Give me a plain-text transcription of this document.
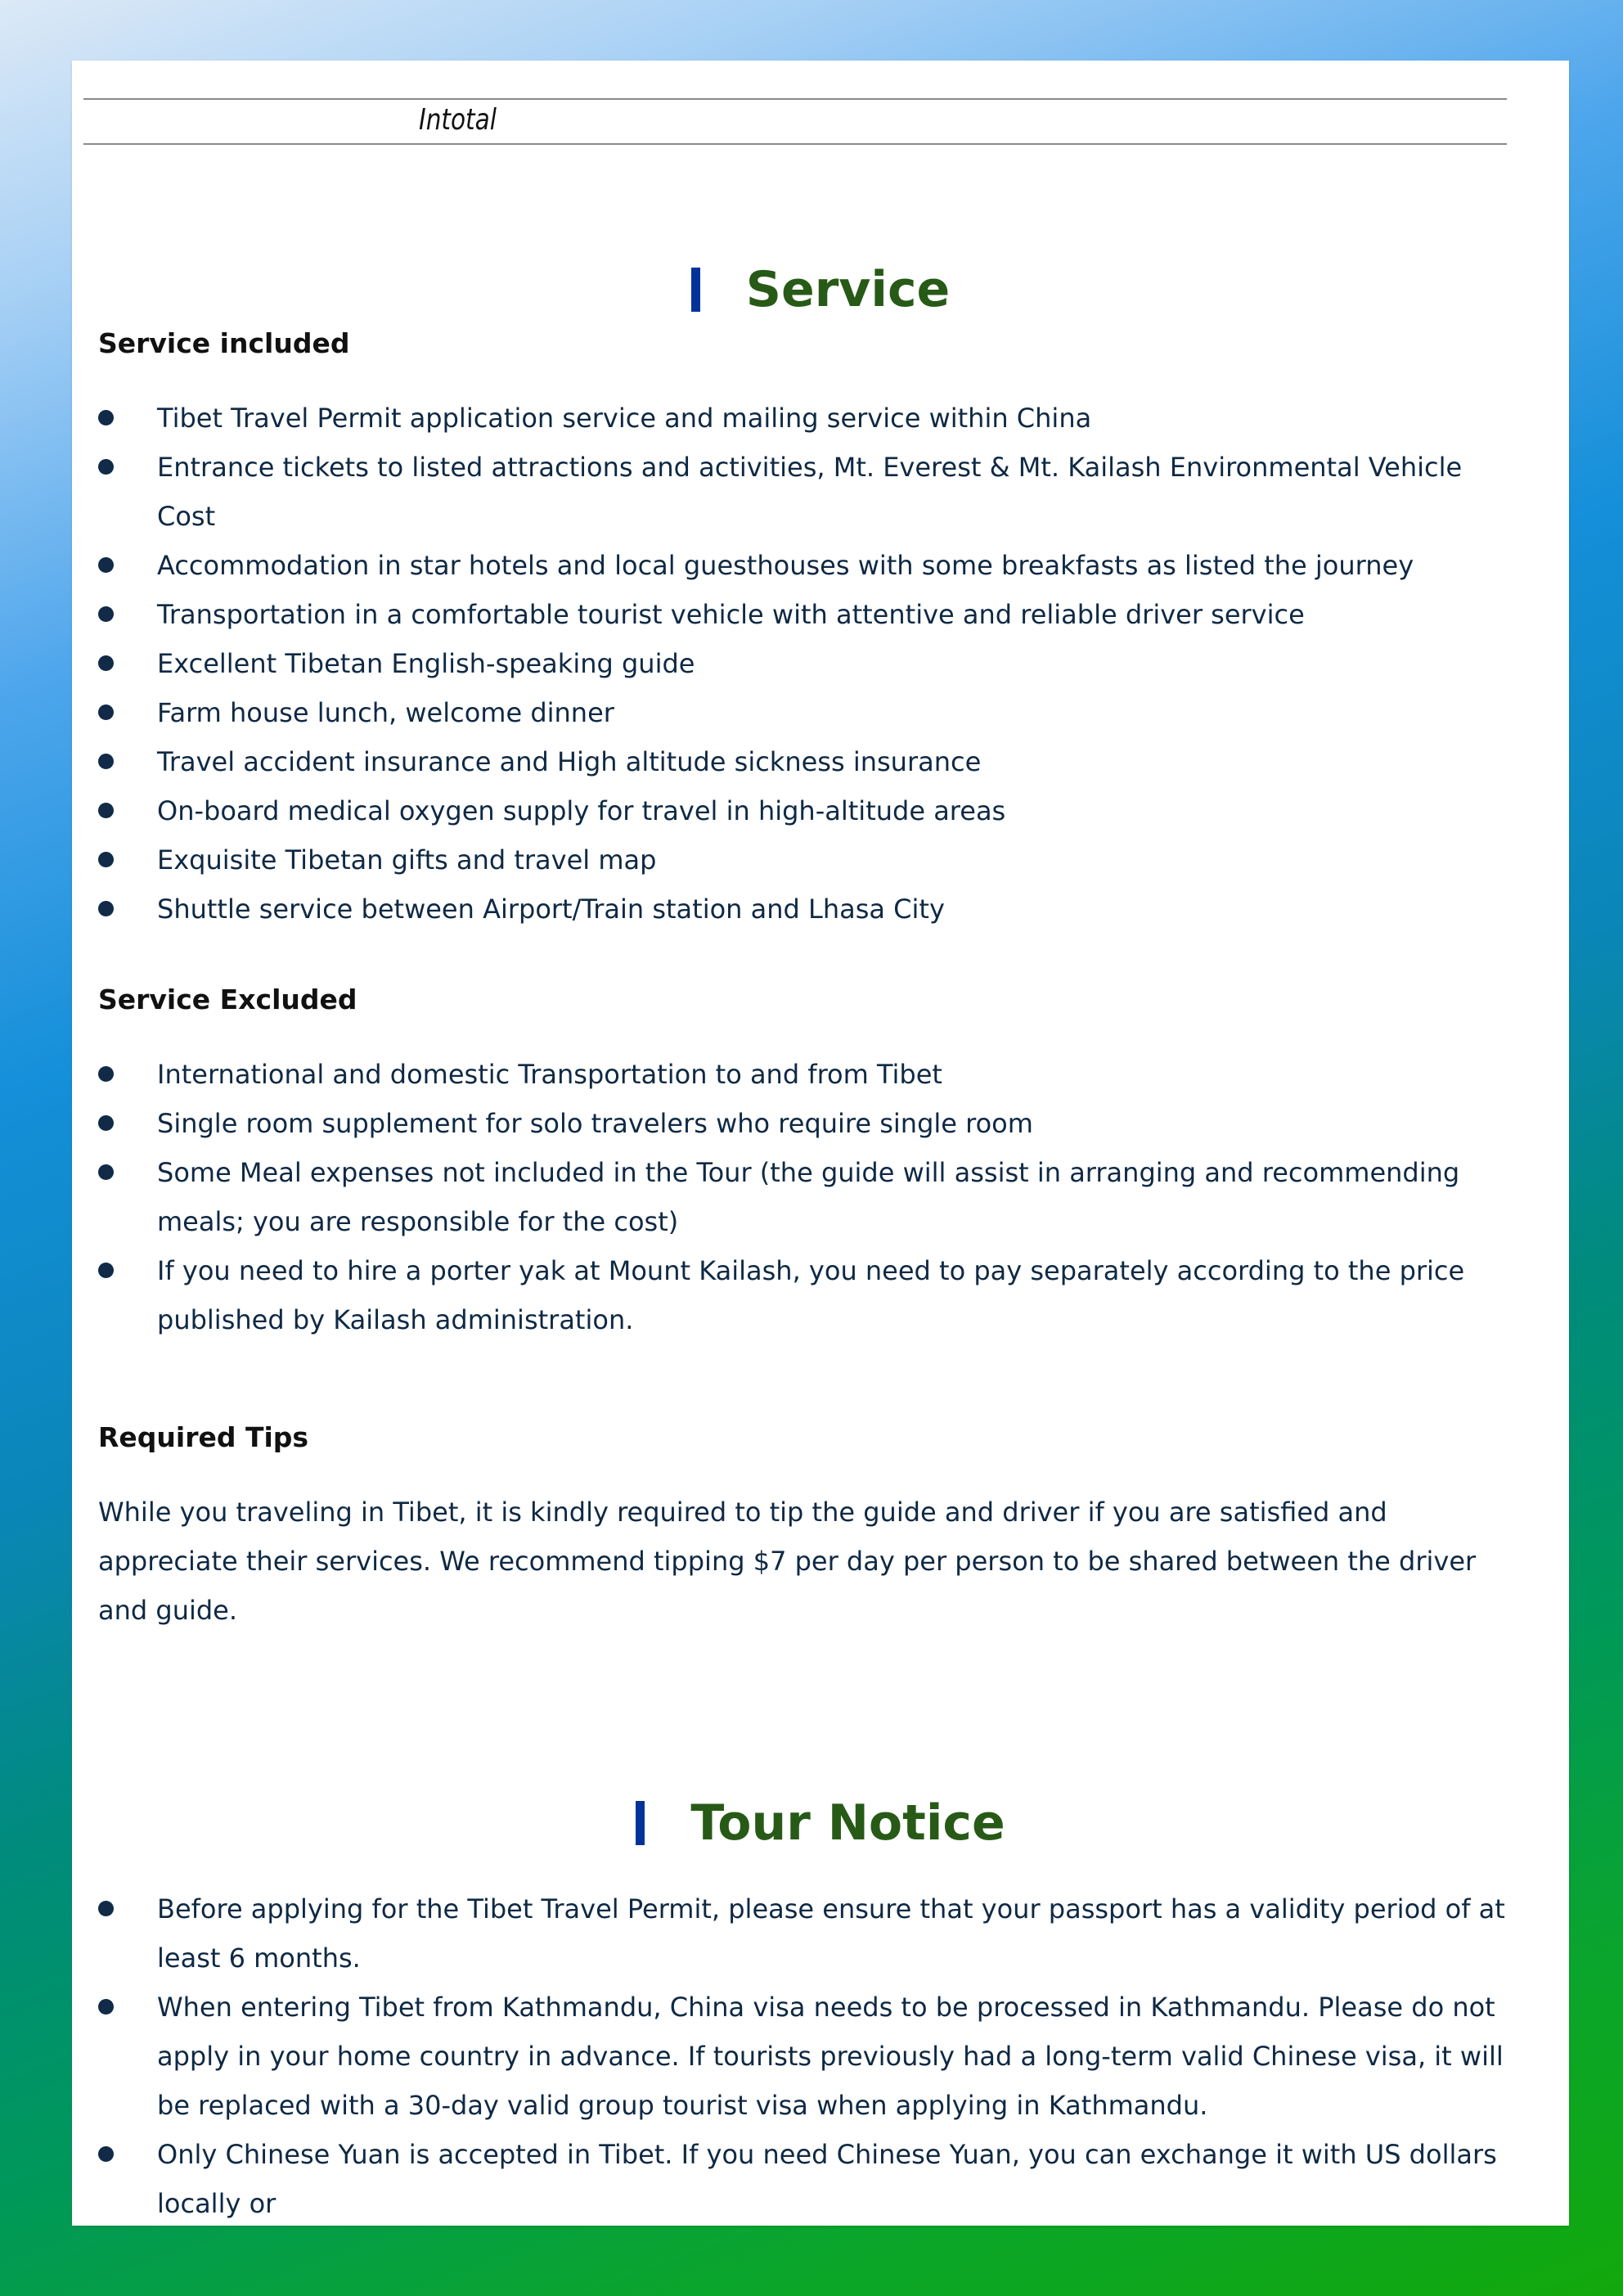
Intotal
Service
Service included
Tibet Travel Permit application service and mailing service within China
Entrance tickets to listed attractions and activities, Mt. Everest & Mt. Kailash Environmental Vehicle Cost
Accommodation in star hotels and local guesthouses with some breakfasts as listed the journey
Transportation in a comfortable tourist vehicle with attentive and reliable driver service
Excellent Tibetan English-speaking guide
Farm house lunch, welcome dinner
Travel accident insurance and High altitude sickness insurance
On-board medical oxygen supply for travel in high-altitude areas
Exquisite Tibetan gifts and travel map
Shuttle service between Airport/Train station and Lhasa City
Service Excluded
International and domestic Transportation to and from Tibet
Single room supplement for solo travelers who require single room
Some Meal expenses not included in the Tour (the guide will assist in arranging and recommending meals; you are responsible for the cost)
If you need to hire a porter yak at Mount Kailash, you need to pay separately according to the price published by Kailash administration.
Required Tips
While you traveling in Tibet, it is kindly required to tip the guide and driver if you are satisfied and appreciate their services. We recommend tipping $7 per day per person to be shared between the driver and guide.
Tour Notice
Before applying for the Tibet Travel Permit, please ensure that your passport has a validity period of at least 6 months.
When entering Tibet from Kathmandu, China visa needs to be processed in Kathmandu. Please do not apply in your home country in advance. If tourists previously had a long-term valid Chinese visa, it will be replaced with a 30-day valid group tourist visa when applying in Kathmandu.
Only Chinese Yuan is accepted in Tibet. If you need Chinese Yuan, you can exchange it with US dollars locally or
